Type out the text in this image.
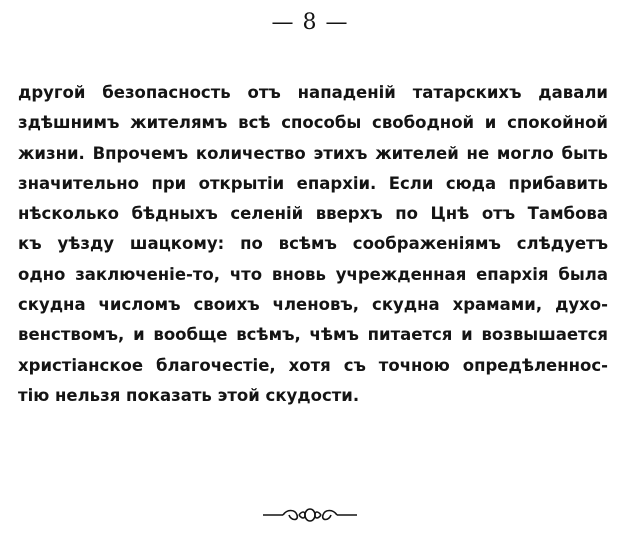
— 8 —
другой безопасность отъ нападеній татарскихъ давали
здѣшнимъ жителямъ всѣ способы свободной и спокойной
жизни. Впрочемъ количество этихъ жителей не могло быть
значительно при открытіи епархіи. Если сюда прибавить
нѣсколько бѣдныхъ селеній вверхъ по Цнѣ отъ Тамбова
къ уѣзду шацкому: по всѣмъ соображеніямъ слѣдуетъ
одно заключеніе-то, что вновь учрежденная епархія была
скудна числомъ своихъ членовъ, скудна храмами, духо-
венствомъ, и вообще всѣмъ, чѣмъ питается и возвышается
христіанское благочестіе, хотя съ точною опредѣленнос-
тію нельзя показать этой скудости.
